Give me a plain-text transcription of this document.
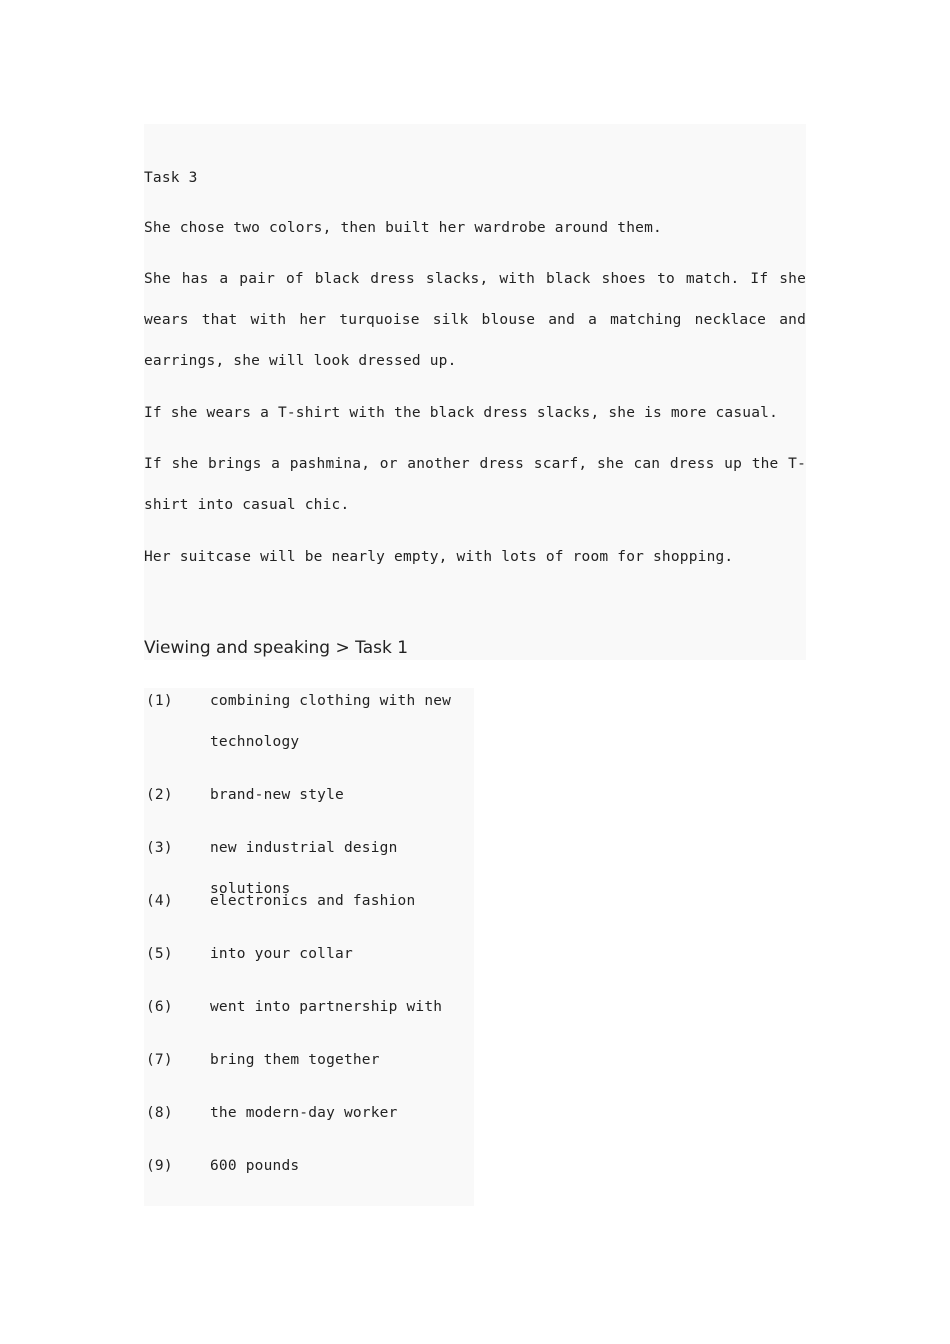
Task 3

She chose two colors, then built her wardrobe around them.

She has a pair of black dress slacks, with black shoes to match. If she wears that with her turquoise silk blouse and a matching necklace and earrings, she will look dressed up.

If she wears a T-shirt with the black dress slacks, she is more casual.

If she brings a pashmina, or another dress scarf, she can dress up the T-shirt into casual chic.

Her suitcase will be nearly empty, with lots of room for shopping.

Viewing and speaking > Task 1
(1)	combining clothing with new technology
(2)	brand-new style
(3)	new industrial design solutions
(4)	electronics and fashion
(5)	into your collar
(6)	went into partnership with
(7)	bring them together
(8)	the modern-day worker
(9)	600 pounds
